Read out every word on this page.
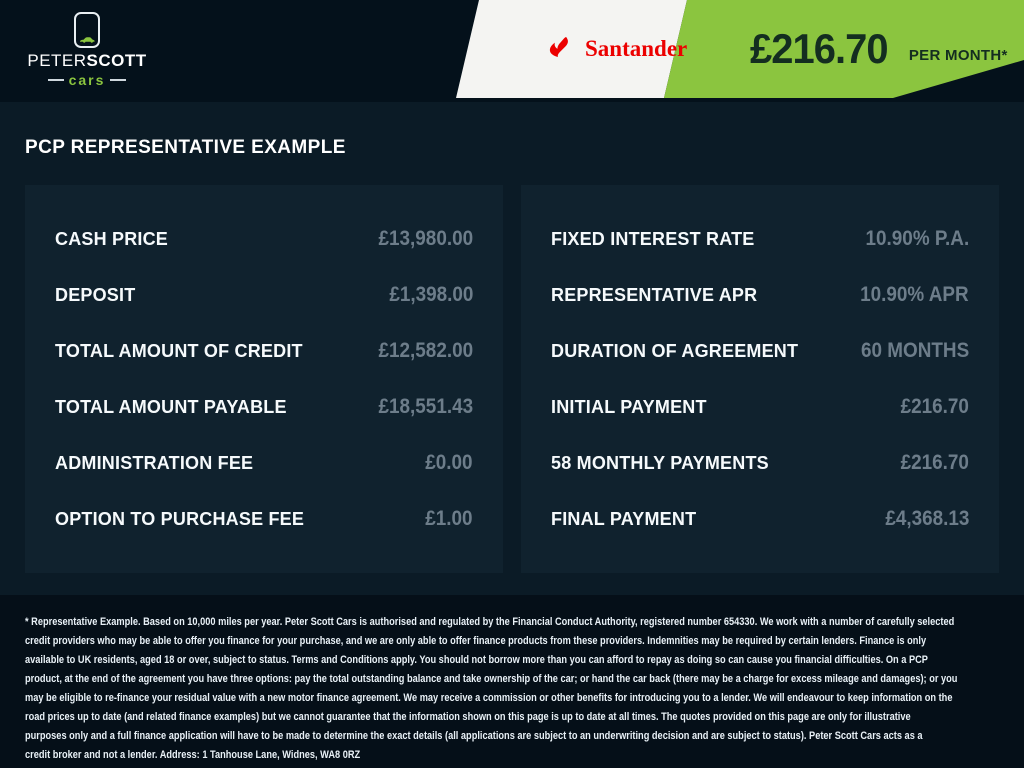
PETERSCOTT
cars
Santander £216.70 PER MONTH*
PCP REPRESENTATIVE EXAMPLE
CASH PRICE	£13,980.00
DEPOSIT	£1,398.00
TOTAL AMOUNT OF CREDIT	£12,582.00
TOTAL AMOUNT PAYABLE	£18,551.43
ADMINISTRATION FEE	£0.00
OPTION TO PURCHASE FEE	£1.00
FIXED INTEREST RATE	10.90% P.A.
REPRESENTATIVE APR	10.90% APR
DURATION OF AGREEMENT	60 MONTHS
INITIAL PAYMENT	£216.70
58 MONTHLY PAYMENTS	£216.70
FINAL PAYMENT	£4,368.13
* Representative Example. Based on 10,000 miles per year. Peter Scott Cars is authorised and regulated by the Financial Conduct Authority, registered number 654330. We work with a number of carefully selected
credit providers who may be able to offer you finance for your purchase, and we are only able to offer finance products from these providers. Indemnities may be required by certain lenders. Finance is only
available to UK residents, aged 18 or over, subject to status. Terms and Conditions apply. You should not borrow more than you can afford to repay as doing so can cause you financial difficulties. On a PCP
product, at the end of the agreement you have three options: pay the total outstanding balance and take ownership of the car; or hand the car back (there may be a charge for excess mileage and damages); or you
may be eligible to re-finance your residual value with a new motor finance agreement. We may receive a commission or other benefits for introducing you to a lender. We will endeavour to keep information on the
road prices up to date (and related finance examples) but we cannot guarantee that the information shown on this page is up to date at all times. The quotes provided on this page are only for illustrative
purposes only and a full finance application will have to be made to determine the exact details (all applications are subject to an underwriting decision and are subject to status). Peter Scott Cars acts as a
credit broker and not a lender. Address: 1 Tanhouse Lane, Widnes, WA8 0RZ
